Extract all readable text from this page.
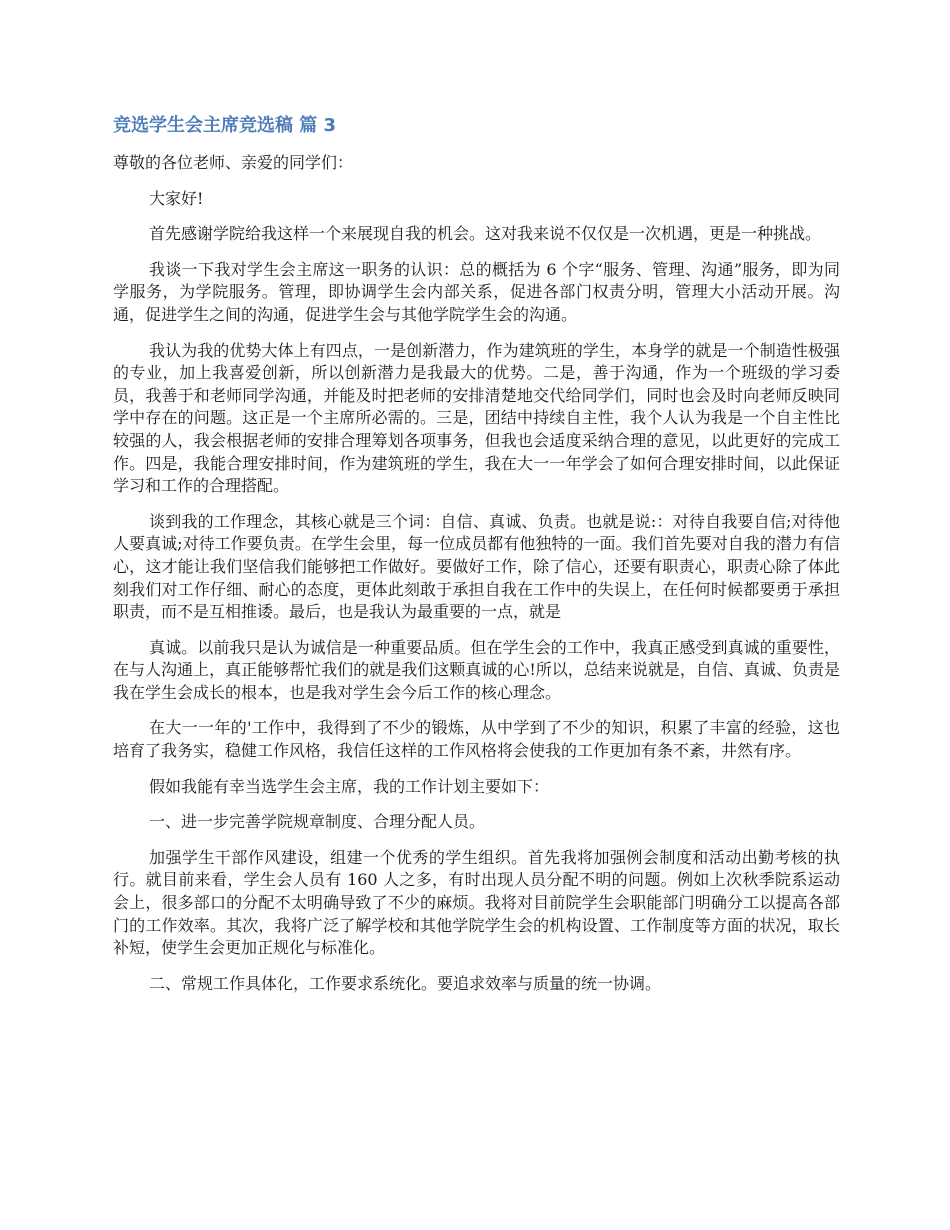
竞选学生会主席竞选稿 篇 3

尊敬的各位老师、亲爱的同学们：

大家好!

首先感谢学院给我这样一个来展现自我的机会。这对我来说不仅仅是一次机遇，更是一种挑战。

我谈一下我对学生会主席这一职务的认识：总的概括为 6 个字“服务、管理、沟通”服务，即为同学服务，为学院服务。管理，即协调学生会内部关系，促进各部门权责分明，管理大小活动开展。沟通，促进学生之间的沟通，促进学生会与其他学院学生会的沟通。

我认为我的优势大体上有四点，一是创新潜力，作为建筑班的学生，本身学的就是一个制造性极强的专业，加上我喜爱创新，所以创新潜力是我最大的优势。二是，善于沟通，作为一个班级的学习委员，我善于和老师同学沟通，并能及时把老师的安排清楚地交代给同学们，同时也会及时向老师反映同学中存在的问题。这正是一个主席所必需的。三是，团结中持续自主性，我个人认为我是一个自主性比较强的人，我会根据老师的安排合理筹划各项事务，但我也会适度采纳合理的意见，以此更好的完成工作。四是，我能合理安排时间，作为建筑班的学生，我在大一一年学会了如何合理安排时间，以此保证学习和工作的合理搭配。

谈到我的工作理念，其核心就是三个词：自信、真诚、负责。也就是说:：对待自我要自信;对待他人要真诚;对待工作要负责。在学生会里，每一位成员都有他独特的一面。我们首先要对自我的潜力有信心，这才能让我们坚信我们能够把工作做好。要做好工作，除了信心，还要有职责心，职责心除了体此刻我们对工作仔细、耐心的态度，更体此刻敢于承担自我在工作中的失误上，在任何时候都要勇于承担职责，而不是互相推诿。最后，也是我认为最重要的一点，就是

真诚。以前我只是认为诚信是一种重要品质。但在学生会的工作中，我真正感受到真诚的重要性，在与人沟通上，真正能够帮忙我们的就是我们这颗真诚的心!所以，总结来说就是，自信、真诚、负责是我在学生会成长的根本，也是我对学生会今后工作的核心理念。

在大一一年的'工作中，我得到了不少的锻炼，从中学到了不少的知识，积累了丰富的经验，这也培育了我务实，稳健工作风格，我信任这样的工作风格将会使我的工作更加有条不紊，井然有序。

假如我能有幸当选学生会主席，我的工作计划主要如下：

一、进一步完善学院规章制度、合理分配人员。

加强学生干部作风建设，组建一个优秀的学生组织。首先我将加强例会制度和活动出勤考核的执行。就目前来看，学生会人员有 160 人之多，有时出现人员分配不明的问题。例如上次秋季院系运动会上，很多部口的分配不太明确导致了不少的麻烦。我将对目前院学生会职能部门明确分工以提高各部门的工作效率。其次，我将广泛了解学校和其他学院学生会的机构设置、工作制度等方面的状况，取长补短，使学生会更加正规化与标准化。

二、常规工作具体化，工作要求系统化。要追求效率与质量的统一协调。
